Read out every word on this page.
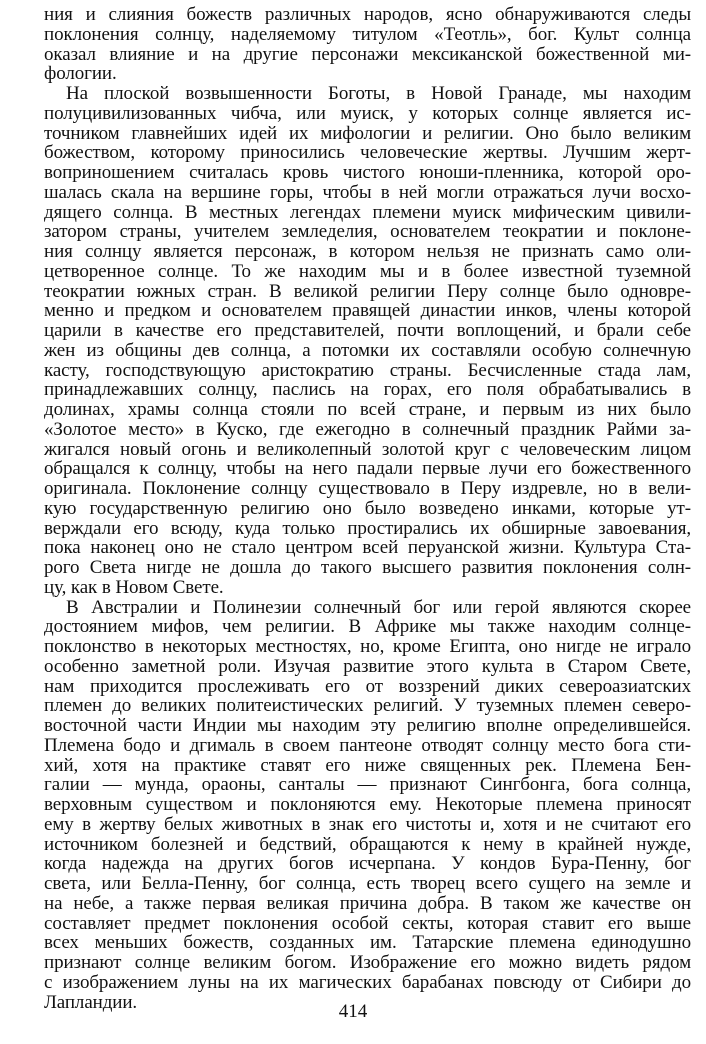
ния и слияния божеств различных народов, ясно обнаруживаются следы
поклонения солнцу, наделяемому титулом «Теотль», бог. Культ солнца
оказал влияние и на другие персонажи мексиканской божественной ми-
фологии.
На плоской возвышенности Боготы, в Новой Гранаде, мы находим
полуцивилизованных чибча, или муиск, у которых солнце является ис-
точником главнейших идей их мифологии и религии. Оно было великим
божеством, которому приносились человеческие жертвы. Лучшим жерт-
воприношением считалась кровь чистого юноши-пленника, которой оро-
шалась скала на вершине горы, чтобы в ней могли отражаться лучи восхо-
дящего солнца. В местных легендах племени муиск мифическим цивили-
затором страны, учителем земледелия, основателем теократии и поклоне-
ния солнцу является персонаж, в котором нельзя не признать само оли-
цетворенное солнце. То же находим мы и в более известной туземной
теократии южных стран. В великой религии Перу солнце было одновре-
менно и предком и основателем правящей династии инков, члены которой
царили в качестве его представителей, почти воплощений, и брали себе
жен из общины дев солнца, а потомки их составляли особую солнечную
касту, господствующую аристократию страны. Бесчисленные стада лам,
принадлежавших солнцу, паслись на горах, его поля обрабатывались в
долинах, храмы солнца стояли по всей стране, и первым из них было
«Золотое место» в Куско, где ежегодно в солнечный праздник Райми за-
жигался новый огонь и великолепный золотой круг с человеческим лицом
обращался к солнцу, чтобы на него падали первые лучи его божественного
оригинала. Поклонение солнцу существовало в Перу издревле, но в вели-
кую государственную религию оно было возведено инками, которые ут-
верждали его всюду, куда только простирались их обширные завоевания,
пока наконец оно не стало центром всей перуанской жизни. Культура Ста-
рого Света нигде не дошла до такого высшего развития поклонения солн-
цу, как в Новом Свете.
В Австралии и Полинезии солнечный бог или герой являются скорее
достоянием мифов, чем религии. В Африке мы также находим солнце-
поклонство в некоторых местностях, но, кроме Египта, оно нигде не играло
особенно заметной роли. Изучая развитие этого культа в Старом Свете,
нам приходится прослеживать его от воззрений диких североазиатских
племен до великих политеистических религий. У туземных племен северо-
восточной части Индии мы находим эту религию вполне определившейся.
Племена бодо и дгималь в своем пантеоне отводят солнцу место бога сти-
хий, хотя на практике ставят его ниже священных рек. Племена Бен-
галии — мунда, ораоны, санталы — признают Сингбонга, бога солнца,
верховным существом и поклоняются ему. Некоторые племена приносят
ему в жертву белых животных в знак его чистоты и, хотя и не считают его
источником болезней и бедствий, обращаются к нему в крайней нужде,
когда надежда на других богов исчерпана. У кондов Бура-Пенну, бог
света, или Белла-Пенну, бог солнца, есть творец всего сущего на земле и
на небе, а также первая великая причина добра. В таком же качестве он
составляет предмет поклонения особой секты, которая ставит его выше
всех меньших божеств, созданных им. Татарские племена единодушно
признают солнце великим богом. Изображение его можно видеть рядом
с изображением луны на их магических барабанах повсюду от Сибири до
Лапландии.	414
